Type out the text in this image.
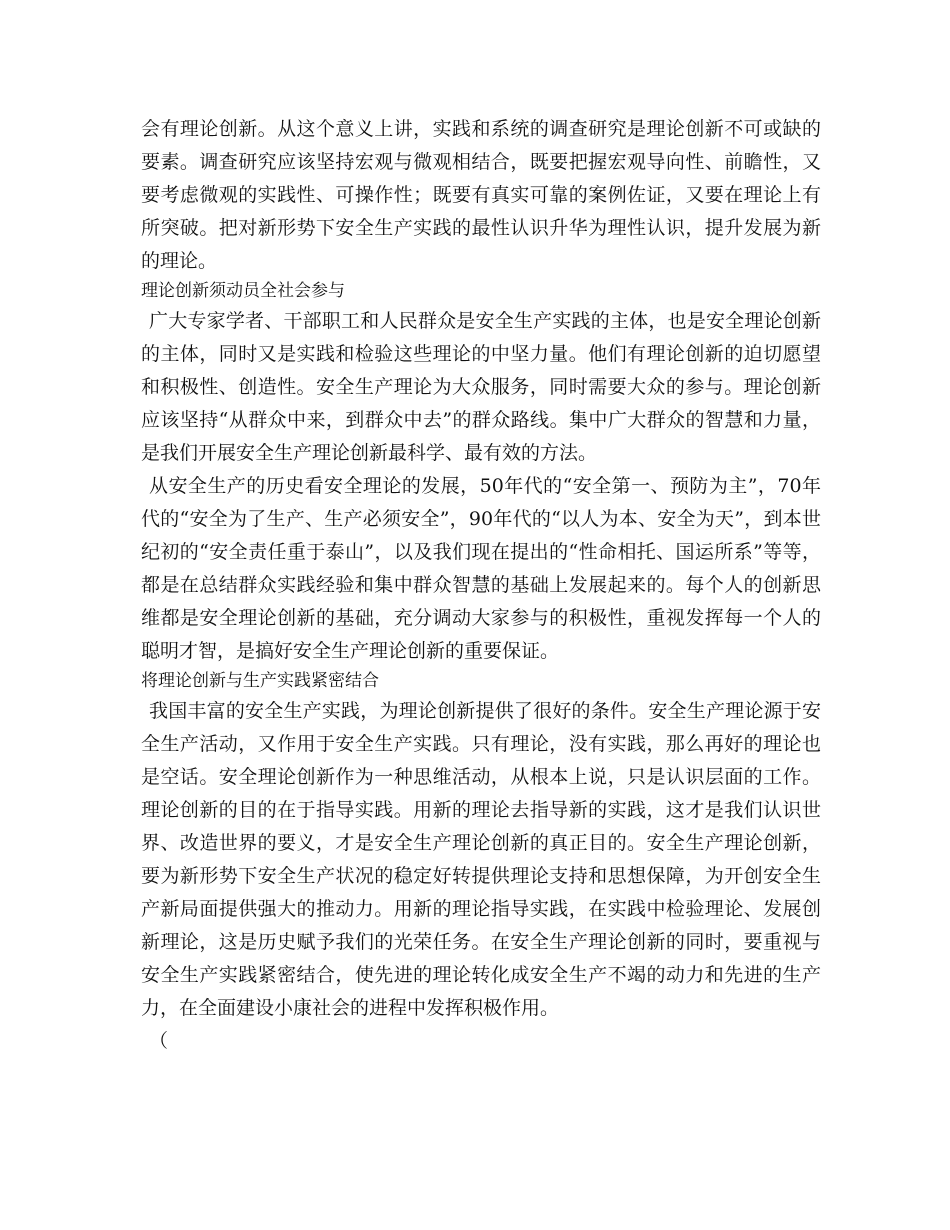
会有理论创新。从这个意义上讲，实践和系统的调查研究是理论创新不可或缺的要素。调查研究应该坚持宏观与微观相结合，既要把握宏观导向性、前瞻性，又要考虑微观的实践性、可操作性；既要有真实可靠的案例佐证，又要在理论上有所突破。把对新形势下安全生产实践的最性认识升华为理性认识，提升发展为新的理论。

理论创新须动员全社会参与

广大专家学者、干部职工和人民群众是安全生产实践的主体，也是安全理论创新的主体，同时又是实践和检验这些理论的中坚力量。他们有理论创新的迫切愿望和积极性、创造性。安全生产理论为大众服务，同时需要大众的参与。理论创新应该坚持“从群众中来，到群众中去”的群众路线。集中广大群众的智慧和力量，是我们开展安全生产理论创新最科学、最有效的方法。

从安全生产的历史看安全理论的发展，50年代的“安全第一、预防为主”，70年代的“安全为了生产、生产必须安全”，90年代的“以人为本、安全为天”，到本世纪初的“安全责任重于泰山”，以及我们现在提出的“性命相托、国运所系”等等，都是在总结群众实践经验和集中群众智慧的基础上发展起来的。每个人的创新思维都是安全理论创新的基础，充分调动大家参与的积极性，重视发挥每一个人的聪明才智，是搞好安全生产理论创新的重要保证。

将理论创新与生产实践紧密结合

我国丰富的安全生产实践，为理论创新提供了很好的条件。安全生产理论源于安全生产活动，又作用于安全生产实践。只有理论，没有实践，那么再好的理论也是空话。安全理论创新作为一种思维活动，从根本上说，只是认识层面的工作。理论创新的目的在于指导实践。用新的理论去指导新的实践，这才是我们认识世界、改造世界的要义，才是安全生产理论创新的真正目的。安全生产理论创新，要为新形势下安全生产状况的稳定好转提供理论支持和思想保障，为开创安全生产新局面提供强大的推动力。用新的理论指导实践，在实践中检验理论、发展创新理论，这是历史赋予我们的光荣任务。在安全生产理论创新的同时，要重视与安全生产实践紧密结合，使先进的理论转化成安全生产不竭的动力和先进的生产力，在全面建设小康社会的进程中发挥积极作用。

（
